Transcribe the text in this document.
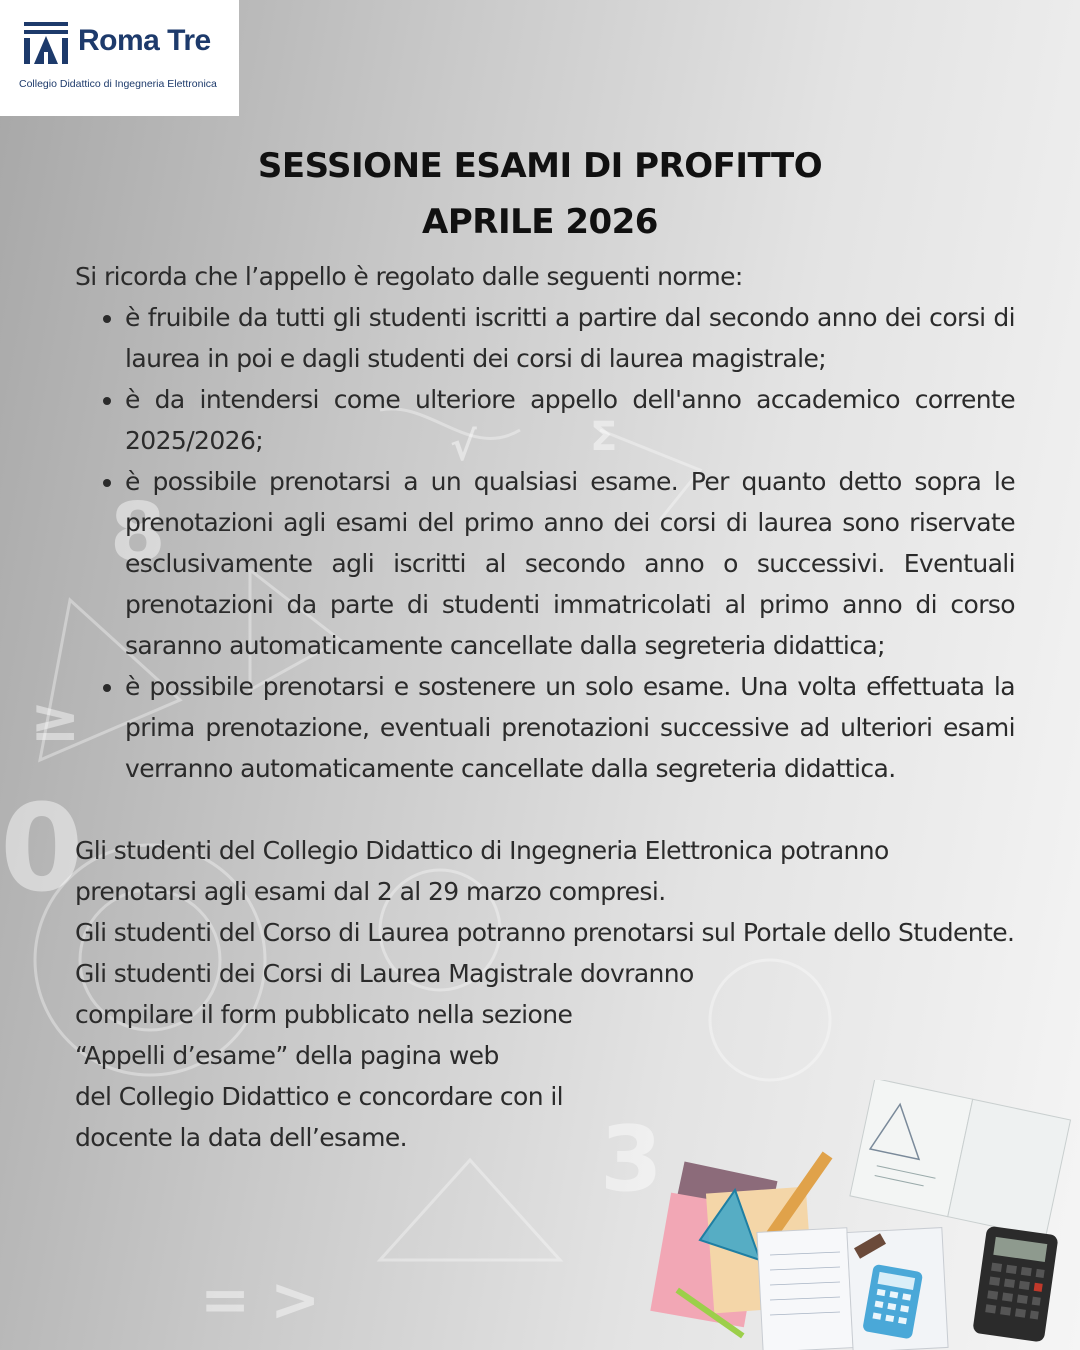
0
≥
= >
8
3
Σ
√
Roma Tre
Collegio Didattico di Ingegneria Elettronica
SESSIONE ESAMI DI PROFITTO
APRILE 2026

Si ricorda che l’appello è regolato dalle seguenti norme:

• è fruibile da tutti gli studenti iscritti a partire dal secondo anno dei corsi di laurea in poi e dagli studenti dei corsi di laurea magistrale;
• è da intendersi come ulteriore appello dell'anno accademico corrente 2025/2026;
• è possibile prenotarsi a un qualsiasi esame. Per quanto detto sopra le prenotazioni agli esami del primo anno dei corsi di laurea sono riservate esclusivamente agli iscritti al secondo anno o successivi. Eventuali prenotazioni da parte di studenti immatricolati al primo anno di corso saranno automaticamente cancellate dalla segreteria didattica;
• è possibile prenotarsi e sostenere un solo esame. Una volta effettuata la prima prenotazione, eventuali prenotazioni successive ad ulteriori esami verranno automaticamente cancellate dalla segreteria didattica.

Gli studenti del Collegio Didattico di Ingegneria Elettronica potranno prenotarsi agli esami dal 2 al 29 marzo compresi.

Gli studenti del Corso di Laurea potranno prenotarsi sul Portale dello Studente.

Gli studenti dei Corsi di Laurea Magistrale dovranno
compilare il form pubblicato nella sezione
“Appelli d’esame” della pagina web
del Collegio Didattico e concordare con il
docente la data dell’esame.
